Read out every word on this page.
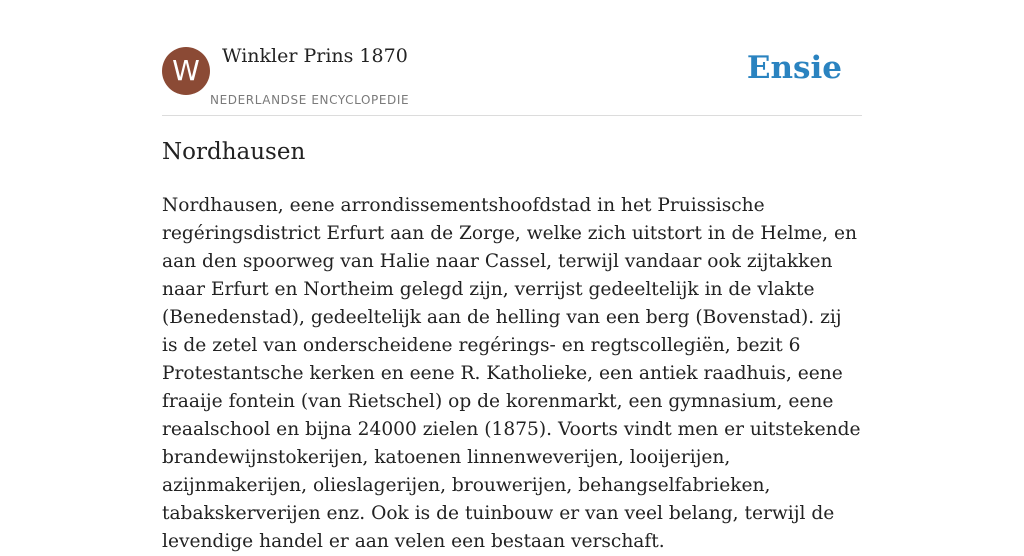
W	Winkler Prins 1870
NEDERLANDSE ENCYCLOPEDIE
Ensie
Nordhausen

Nordhausen, eene arrondissementshoofdstad in het Pruissische regéringsdistrict Erfurt aan de Zorge, welke zich uitstort in de Helme, en aan den spoorweg van Halie naar Cassel, terwijl vandaar ook zijtakken naar Erfurt en Northeim gelegd zijn, verrijst gedeeltelijk in de vlakte (Benedenstad), gedeeltelijk aan de helling van een berg (Bovenstad). zij is de zetel van onderscheidene regérings- en regtscollegiën, bezit 6 Protestantsche kerken en eene R. Katholieke, een antiek raadhuis, eene fraaije fontein (van Rietschel) op de korenmarkt, een gymnasium, eene reaalschool en bijna 24000 zielen (1875). Voorts vindt men er uitstekende brandewijnstokerijen, katoenen linnenweverijen, looijerijen, azijnmakerijen, olieslagerijen, brouwerijen, behangselfabrieken, tabakskerverijen enz. Ook is de tuinbouw er van veel belang, terwijl de levendige handel er aan velen een bestaan verschaft.
